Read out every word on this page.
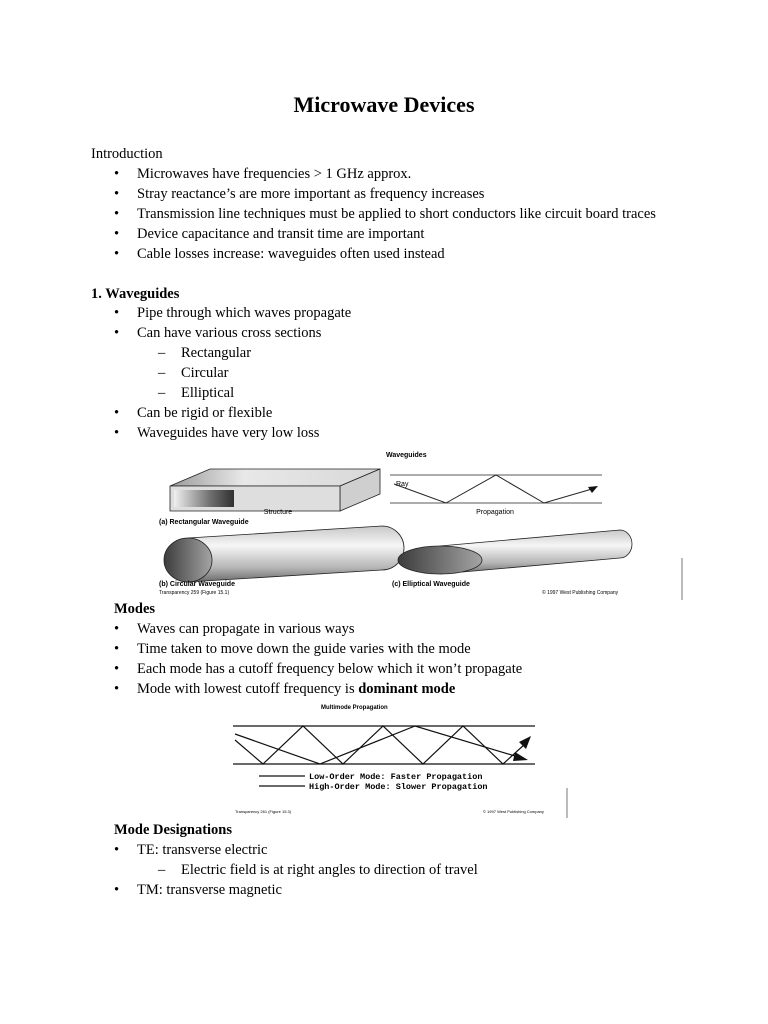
Microwave Devices
Introduction
• Microwaves have frequencies > 1 GHz approx.
• Stray reactance’s are more important as frequency increases
• Transmission line techniques must be applied to short conductors like circuit board traces
• Device capacitance and transit time are important
• Cable losses increase: waveguides often used instead
1. Waveguides
• Pipe through which waves propagate
• Can have various cross sections
– Rectangular
– Circular
– Elliptical
• Can be rigid or flexible
• Waveguides have very low loss
Waveguides
Structure
(a) Rectangular Waveguide
Ray
Propagation
(b) Circular Waveguide	(c) Elliptical Waveguide
Transparency 259 (Figure 15.1)	© 1997 West Publishing Company
Modes
• Waves can propagate in various ways
• Time taken to move down the guide varies with the mode
• Each mode has a cutoff frequency below which it won’t propagate
• Mode with lowest cutoff frequency is dominant mode
Multimode Propagation
Low-Order Mode: Faster Propagation
High-Order Mode: Slower Propagation
Transparency 261 (Figure 15.3)	© 1997 West Publishing Company
Mode Designations
• TE: transverse electric
– Electric field is at right angles to direction of travel
• TM: transverse magnetic
